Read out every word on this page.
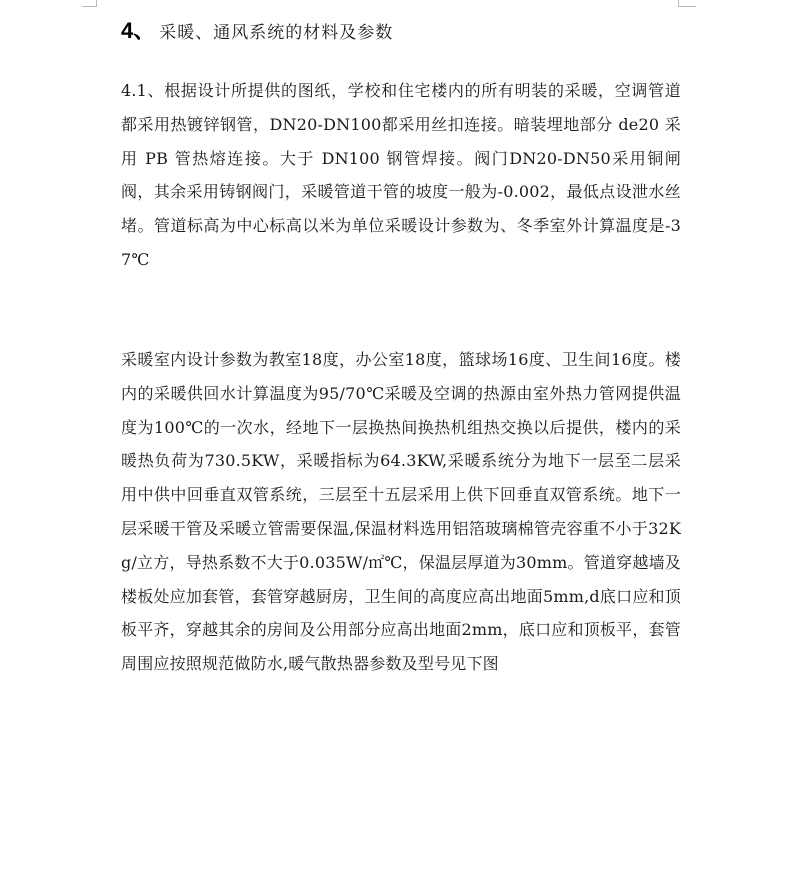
4、 采暖、通风系统的材料及参数

4.1、根据设计所提供的图纸，学校和住宅楼内的所有明装的采暖，空调管道都采用热镀锌钢管，DN20-DN100都采用丝扣连接。暗装埋地部分 de20 采用 PB 管热熔连接。大于 DN100 钢管焊接。阀门DN20-DN50采用铜闸阀，其余采用铸钢阀门，采暖管道干管的坡度一般为-0.002，最低点设泄水丝堵。管道标高为中心标高以米为单位采暖设计参数为、冬季室外计算温度是-37℃

采暖室内设计参数为教室18度，办公室18度，篮球场16度、卫生间16度。楼内的采暖供回水计算温度为95/70℃采暖及空调的热源由室外热力管网提供温度为100℃的一次水，经地下一层换热间换热机组热交换以后提供，楼内的采暖热负荷为730.5KW，采暖指标为64.3KW,采暖系统分为地下一层至二层采用中供中回垂直双管系统，三层至十五层采用上供下回垂直双管系统。地下一层采暖干管及采暖立管需要保温,保温材料选用铝箔玻璃棉管壳容重不小于32Kg/立方，导热系数不大于0.035W/㎡℃，保温层厚道为30mm。管道穿越墙及楼板处应加套管，套管穿越厨房，卫生间的高度应高出地面5mm,d底口应和顶板平齐，穿越其余的房间及公用部分应高出地面2mm，底口应和顶板平，套管周围应按照规范做防水,暖气散热器参数及型号见下图
